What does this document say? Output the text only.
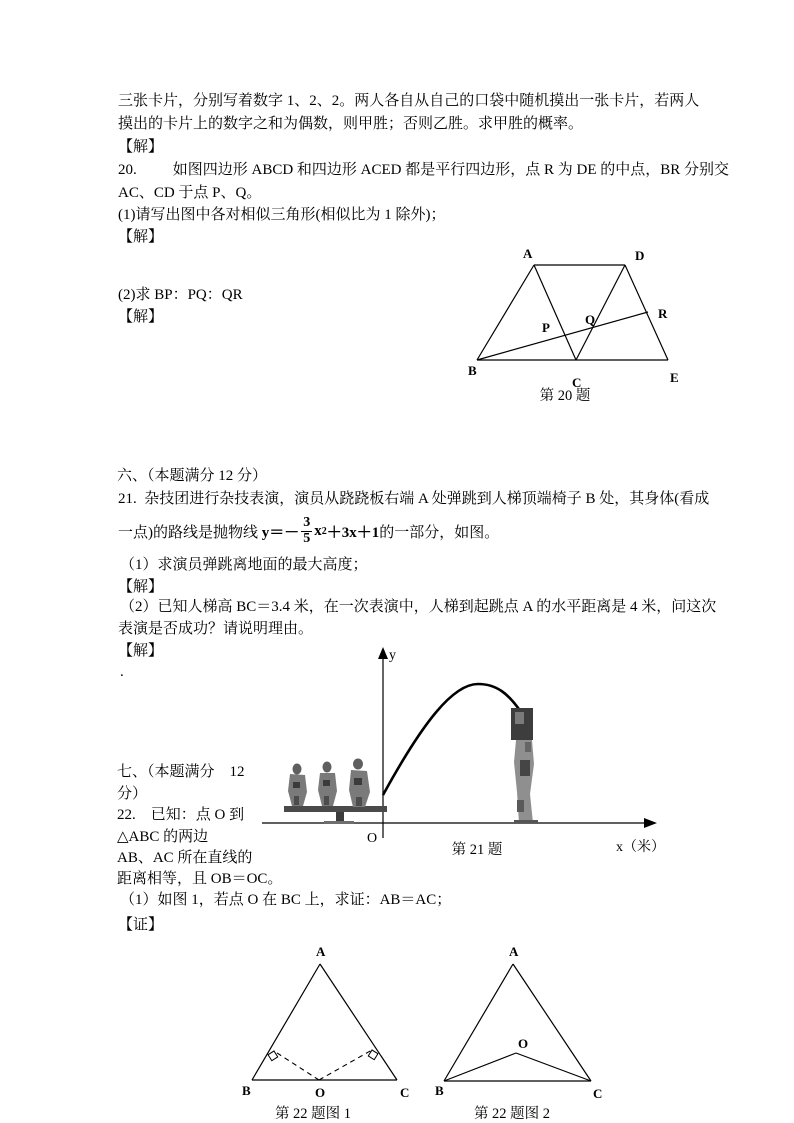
三张卡片，分别写着数字 1、2、2。两人各自从自己的口袋中随机摸出一张卡片，若两人
摸出的卡片上的数字之和为偶数，则甲胜；否则乙胜。求甲胜的概率。
【解】
20. 如图四边形 ABCD 和四边形 ACED 都是平行四边形，点 R 为 DE 的中点，BR 分别交
AC、CD 于点 P、Q。
(1)请写出图中各对相似三角形(相似比为 1 除外)；
【解】
(2)求 BP：PQ：QR
【解】
A	D
R
Q
P
B
C	E
第 20 题
六、（本题满分 12 分）
21.  杂技团进行杂技表演，演员从跷跷板右端 A 处弹跳到人梯顶端椅子 B 处，其身体(看成
一点)的路线是抛物线 $y=- \frac{3}{5}$ x 2 ＋3x＋1 的一部分，如图。
（1）求演员弹跳离地面的最大高度；
【解】
（2）已知人梯高 BC＝3.4 米，在一次表演中，人梯到起跳点 A 的水平距离是 4 米，问这次
表演是否成功？请说明理由。
【解】
.
y
O
x（米）
第 21 题
七、（本题满分　12
分）
22.    已知：点 O 到
△ABC 的两边
AB、AC 所在直线的
距离相等，且 OB＝OC。
（1）如图 1，若点 O 在 BC 上，求证：AB＝AC；
【证】
A
B	O	C
A
B	C
O
第 22 题图 1	第 22 题图 2
